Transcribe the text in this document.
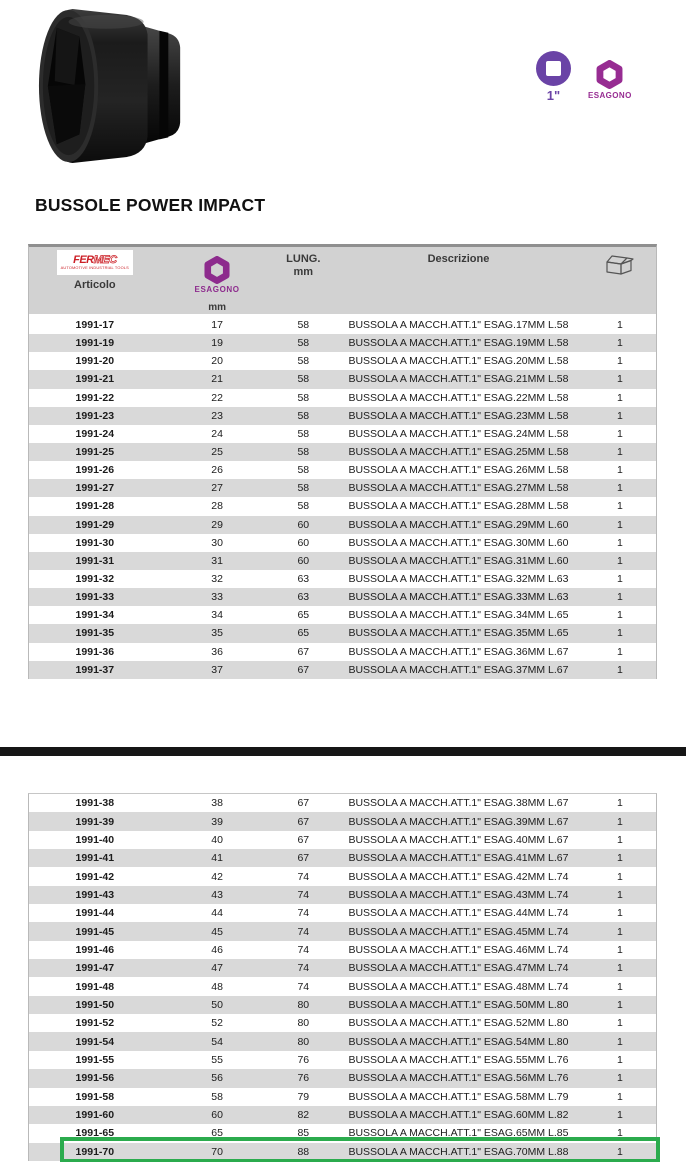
1"	ESAGONO
BUSSOLE POWER IMPACT
FERMEC
AUTOMOTIVE INDUSTRIAL TOOLS
Articolo	ESAGONO
mm
LUNG.
mm
Descrizione
1991-17	17	58	BUSSOLA A MACCH.ATT.1" ESAG.17MM L.58	1
1991-19	19	58	BUSSOLA A MACCH.ATT.1" ESAG.19MM L.58	1
1991-20	20	58	BUSSOLA A MACCH.ATT.1" ESAG.20MM L.58	1
1991-21	21	58	BUSSOLA A MACCH.ATT.1" ESAG.21MM L.58	1
1991-22	22	58	BUSSOLA A MACCH.ATT.1" ESAG.22MM L.58	1
1991-23	23	58	BUSSOLA A MACCH.ATT.1" ESAG.23MM L.58	1
1991-24	24	58	BUSSOLA A MACCH.ATT.1" ESAG.24MM L.58	1
1991-25	25	58	BUSSOLA A MACCH.ATT.1" ESAG.25MM L.58	1
1991-26	26	58	BUSSOLA A MACCH.ATT.1" ESAG.26MM L.58	1
1991-27	27	58	BUSSOLA A MACCH.ATT.1" ESAG.27MM L.58	1
1991-28	28	58	BUSSOLA A MACCH.ATT.1" ESAG.28MM L.58	1
1991-29	29	60	BUSSOLA A MACCH.ATT.1" ESAG.29MM L.60	1
1991-30	30	60	BUSSOLA A MACCH.ATT.1" ESAG.30MM L.60	1
1991-31	31	60	BUSSOLA A MACCH.ATT.1" ESAG.31MM L.60	1
1991-32	32	63	BUSSOLA A MACCH.ATT.1" ESAG.32MM L.63	1
1991-33	33	63	BUSSOLA A MACCH.ATT.1" ESAG.33MM L.63	1
1991-34	34	65	BUSSOLA A MACCH.ATT.1" ESAG.34MM L.65	1
1991-35	35	65	BUSSOLA A MACCH.ATT.1" ESAG.35MM L.65	1
1991-36	36	67	BUSSOLA A MACCH.ATT.1" ESAG.36MM L.67	1
1991-37	37	67	BUSSOLA A MACCH.ATT.1" ESAG.37MM L.67	1
1991-38	38	67	BUSSOLA A MACCH.ATT.1" ESAG.38MM L.67	1
1991-39	39	67	BUSSOLA A MACCH.ATT.1" ESAG.39MM L.67	1
1991-40	40	67	BUSSOLA A MACCH.ATT.1" ESAG.40MM L.67	1
1991-41	41	67	BUSSOLA A MACCH.ATT.1" ESAG.41MM L.67	1
1991-42	42	74	BUSSOLA A MACCH.ATT.1" ESAG.42MM L.74	1
1991-43	43	74	BUSSOLA A MACCH.ATT.1" ESAG.43MM L.74	1
1991-44	44	74	BUSSOLA A MACCH.ATT.1" ESAG.44MM L.74	1
1991-45	45	74	BUSSOLA A MACCH.ATT.1" ESAG.45MM L.74	1
1991-46	46	74	BUSSOLA A MACCH.ATT.1" ESAG.46MM L.74	1
1991-47	47	74	BUSSOLA A MACCH.ATT.1" ESAG.47MM L.74	1
1991-48	48	74	BUSSOLA A MACCH.ATT.1" ESAG.48MM L.74	1
1991-50	50	80	BUSSOLA A MACCH.ATT.1" ESAG.50MM L.80	1
1991-52	52	80	BUSSOLA A MACCH.ATT.1" ESAG.52MM L.80	1
1991-54	54	80	BUSSOLA A MACCH.ATT.1" ESAG.54MM L.80	1
1991-55	55	76	BUSSOLA A MACCH.ATT.1" ESAG.55MM L.76	1
1991-56	56	76	BUSSOLA A MACCH.ATT.1" ESAG.56MM L.76	1
1991-58	58	79	BUSSOLA A MACCH.ATT.1" ESAG.58MM L.79	1
1991-60	60	82	BUSSOLA A MACCH.ATT.1" ESAG.60MM L.82	1
1991-65	65	85	BUSSOLA A MACCH.ATT.1" ESAG.65MM L.85	1
1991-70	70	88	BUSSOLA A MACCH.ATT.1" ESAG.70MM L.88	1
